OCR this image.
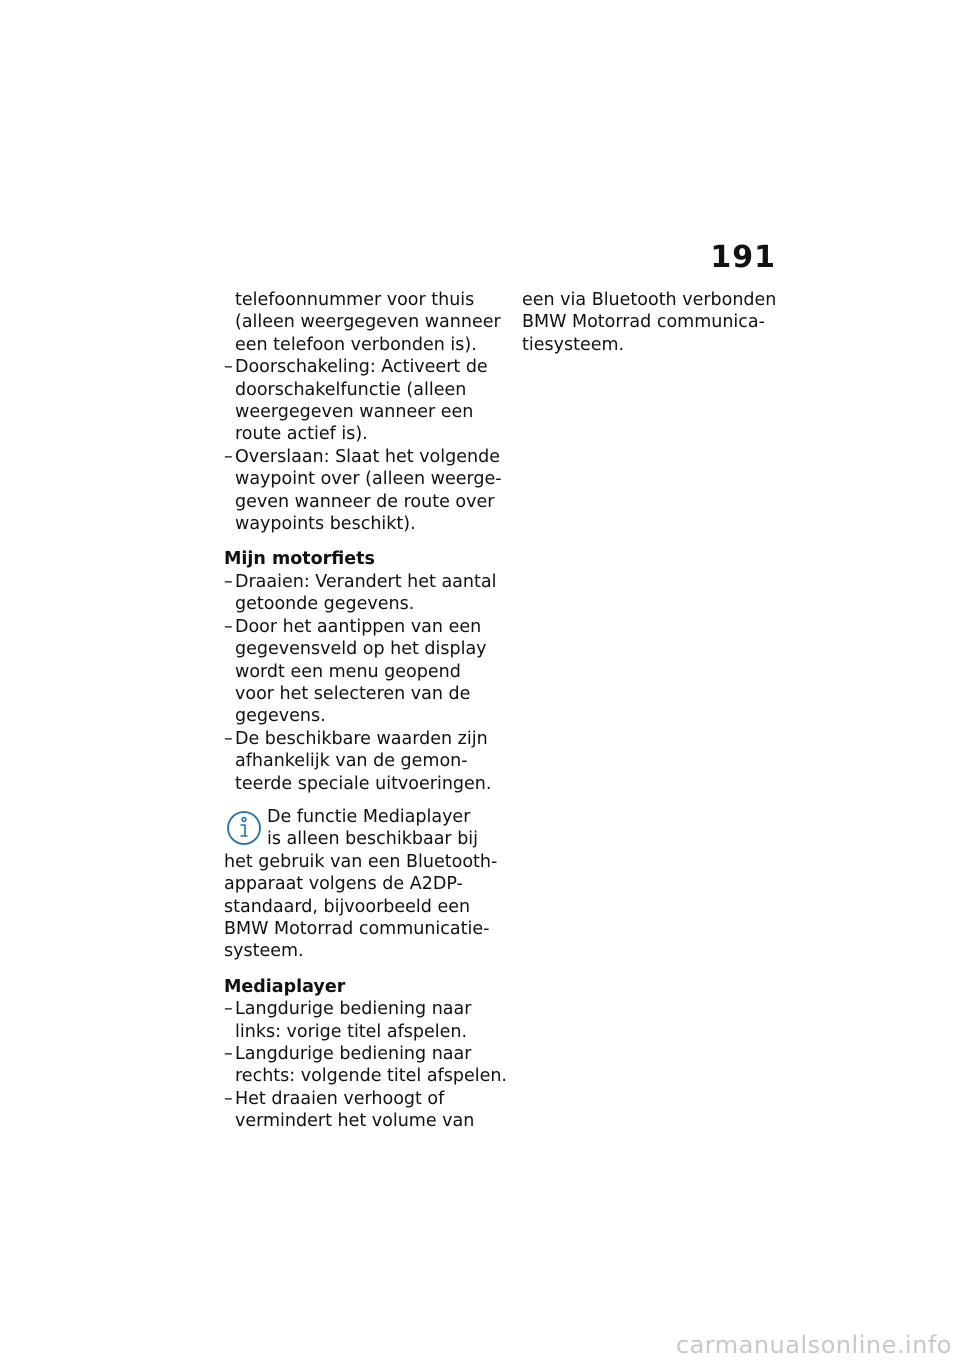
191
telefoonnummer voor thuis
(alleen weergegeven wanneer
een telefoon verbonden is).
– Doorschakeling: Activeert de
doorschakelfunctie (alleen
weergegeven wanneer een
route actief is).
– Overslaan: Slaat het volgende
waypoint over (alleen weerge-
geven wanneer de route over
waypoints beschikt).
Mijn motorfiets
– Draaien: Verandert het aantal
getoonde gegevens.
– Door het aantippen van een
gegevensveld op het display
wordt een menu geopend
voor het selecteren van de
gegevens.
– De beschikbare waarden zijn
afhankelijk van de gemon-
teerde speciale uitvoeringen.
De functie Mediaplayer
is alleen beschikbaar bij
het gebruik van een Bluetooth-
apparaat volgens de A2DP-
standaard, bijvoorbeeld een
BMW Motorrad communicatie-
systeem.
Mediaplayer
– Langdurige bediening naar
links: vorige titel afspelen.
– Langdurige bediening naar
rechts: volgende titel afspelen.
– Het draaien verhoogt of
vermindert het volume van
een via Bluetooth verbonden
BMW Motorrad communica-
tiesysteem.
carmanualsonline.info
